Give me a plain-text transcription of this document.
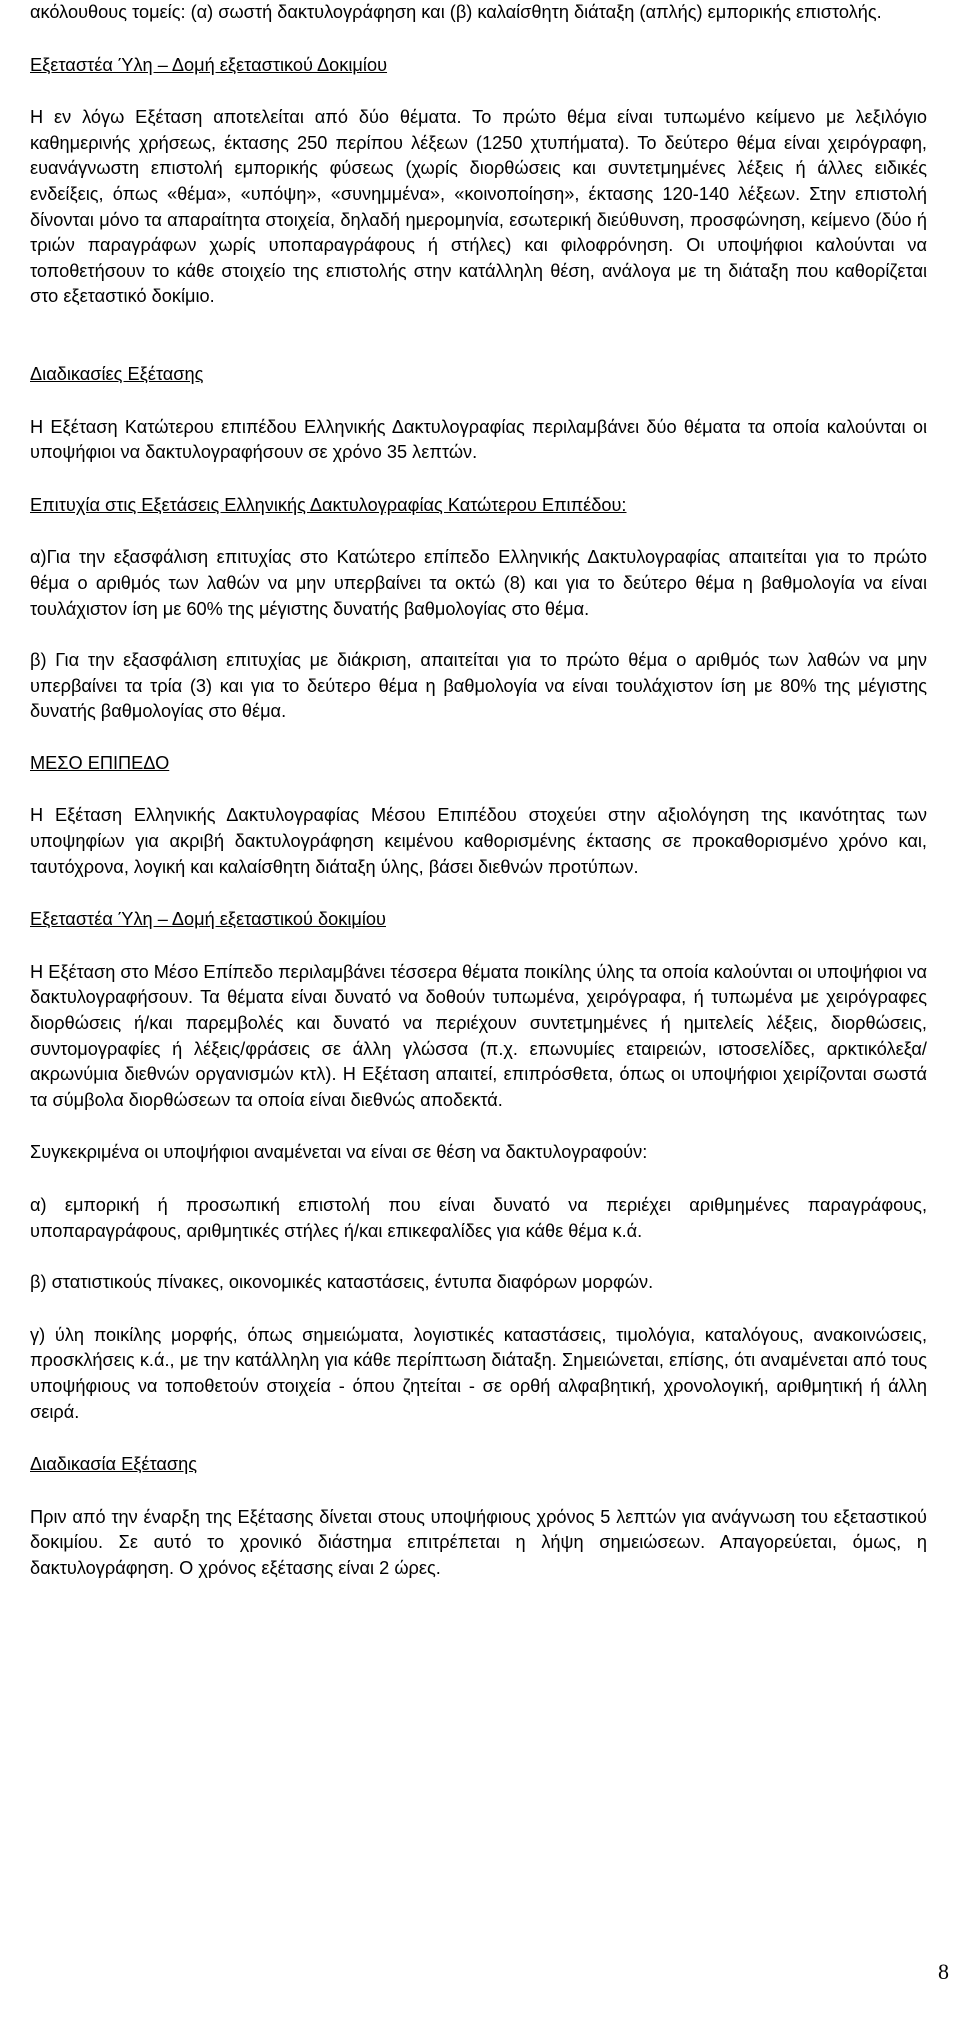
ακόλουθους τομείς: (α) σωστή δακτυλογράφηση και (β) καλαίσθητη διάταξη (απλής) εμπορικής επιστολής.

Εξεταστέα Ύλη – Δομή εξεταστικού Δοκιμίου

Η εν λόγω Εξέταση αποτελείται από δύο θέματα. Το πρώτο θέμα είναι τυπωμένο κείμενο με λεξιλόγιο καθημερινής χρήσεως, έκτασης 250 περίπου λέξεων (1250 χτυπήματα). Το δεύτερο θέμα είναι χειρόγραφη, ευανάγνωστη επιστολή εμπορικής φύσεως (χωρίς διορθώσεις και συντετμημένες λέξεις ή άλλες ειδικές ενδείξεις, όπως «θέμα», «υπόψη», «συνημμένα», «κοινοποίηση», έκτασης 120-140 λέξεων. Στην επιστολή δίνονται μόνο τα απαραίτητα στοιχεία, δηλαδή ημερομηνία, εσωτερική διεύθυνση, προσφώνηση, κείμενο (δύο ή τριών παραγράφων χωρίς υποπαραγράφους ή στήλες) και φιλοφρόνηση. Οι υποψήφιοι καλούνται να τοποθετήσουν το κάθε στοιχείο της επιστολής στην κατάλληλη θέση, ανάλογα με τη διάταξη που καθορίζεται στο εξεταστικό δοκίμιο.

Διαδικασίες Εξέτασης

Η Εξέταση Κατώτερου επιπέδου Ελληνικής Δακτυλογραφίας περιλαμβάνει δύο θέματα τα οποία καλούνται οι υποψήφιοι να δακτυλογραφήσουν σε χρόνο 35 λεπτών.

Επιτυχία στις Εξετάσεις Ελληνικής Δακτυλογραφίας Κατώτερου Επιπέδου:

α)Για την εξασφάλιση επιτυχίας στο Κατώτερο επίπεδο Ελληνικής Δακτυλογραφίας απαιτείται για το πρώτο θέμα ο αριθμός των λαθών να μην υπερβαίνει τα οκτώ (8) και για το δεύτερο θέμα η βαθμολογία να είναι τουλάχιστον ίση με 60% της μέγιστης δυνατής βαθμολογίας στο θέμα.

β) Για την εξασφάλιση επιτυχίας με διάκριση, απαιτείται για το πρώτο θέμα ο αριθμός των λαθών να μην υπερβαίνει τα τρία (3) και για το δεύτερο θέμα η βαθμολογία να είναι τουλάχιστον ίση με 80% της μέγιστης δυνατής βαθμολογίας στο θέμα.

ΜΕΣΟ ΕΠΙΠΕΔΟ

Η Εξέταση Ελληνικής Δακτυλογραφίας Μέσου Επιπέδου στοχεύει στην αξιολόγηση της ικανότητας των υποψηφίων για ακριβή δακτυλογράφηση κειμένου καθορισμένης έκτασης σε προκαθορισμένο χρόνο και, ταυτόχρονα, λογική και καλαίσθητη διάταξη ύλης, βάσει διεθνών προτύπων.

Εξεταστέα Ύλη – Δομή εξεταστικού δοκιμίου

Η Εξέταση στο Μέσο Επίπεδο περιλαμβάνει τέσσερα θέματα ποικίλης ύλης τα οποία καλούνται οι υποψήφιοι να δακτυλογραφήσουν. Τα θέματα είναι δυνατό να δοθούν τυπωμένα, χειρόγραφα, ή τυπωμένα με χειρόγραφες διορθώσεις ή/και παρεμβολές και δυνατό να περιέχουν συντετμημένες ή ημιτελείς λέξεις, διορθώσεις, συντομογραφίες ή λέξεις/φράσεις σε άλλη γλώσσα (π.χ. επωνυμίες εταιρειών, ιστοσελίδες, αρκτικόλεξα/ακρωνύμια διεθνών οργανισμών κτλ). Η Εξέταση απαιτεί, επιπρόσθετα, όπως οι υποψήφιοι χειρίζονται σωστά τα σύμβολα διορθώσεων τα οποία είναι διεθνώς αποδεκτά.

Συγκεκριμένα οι υποψήφιοι αναμένεται να είναι σε θέση να δακτυλογραφούν:

α) εμπορική ή προσωπική επιστολή που είναι δυνατό να περιέχει αριθμημένες παραγράφους, υποπαραγράφους, αριθμητικές στήλες ή/και επικεφαλίδες για κάθε θέμα κ.ά.

β) στατιστικούς πίνακες, οικονομικές καταστάσεις, έντυπα διαφόρων μορφών.

γ) ύλη ποικίλης μορφής, όπως σημειώματα, λογιστικές καταστάσεις, τιμολόγια, καταλόγους, ανακοινώσεις, προσκλήσεις κ.ά., με την κατάλληλη για κάθε περίπτωση διάταξη. Σημειώνεται, επίσης, ότι αναμένεται από τους υποψήφιους να τοποθετούν στοιχεία - όπου ζητείται - σε ορθή αλφαβητική, χρονολογική, αριθμητική ή άλλη σειρά.

Διαδικασία Εξέτασης

Πριν από την έναρξη της Εξέτασης δίνεται στους υποψήφιους χρόνος 5 λεπτών για ανάγνωση του εξεταστικού δοκιμίου. Σε αυτό το χρονικό διάστημα επιτρέπεται η λήψη σημειώσεων. Απαγορεύεται, όμως, η δακτυλογράφηση. Ο χρόνος εξέτασης είναι 2 ώρες.

8
